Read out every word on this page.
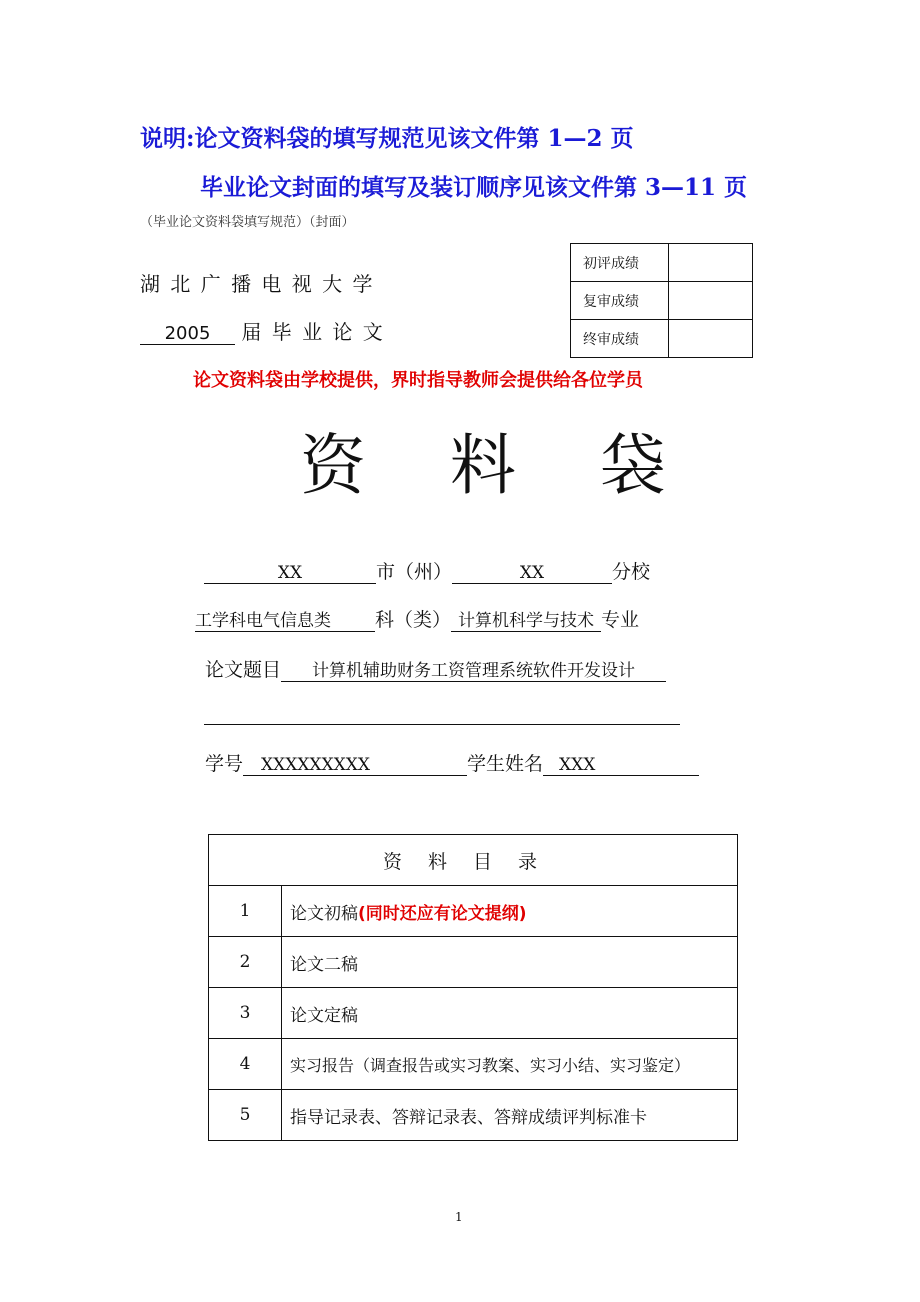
说明:论文资料袋的填写规范见该文件第 1—2 页
毕业论文封面的填写及装订顺序见该文件第 3—11 页
（毕业论文资料袋填写规范）（封面）
湖 北 广 播 电 视 大 学
2005 届 毕 业 论 文
初评成绩	
复审成绩	
终审成绩	
论文资料袋由学校提供，界时指导教师会提供给各位学员
资    料    袋
XX	市（州）	XX	分校
工学科电气信息类 科（类） 计算机科学与技术 专业
论文题目 计算机辅助财务工资管理系统软件开发设计
学号 XXXXXXXXX	学生姓名 XXX
资料目录	
1	论文初稿(同时还应有论文提纲)
2	论文二稿
3	论文定稿
4	实习报告（调查报告或实习教案、实习小结、实习鉴定）
5	指导记录表、答辩记录表、答辩成绩评判标准卡
1
